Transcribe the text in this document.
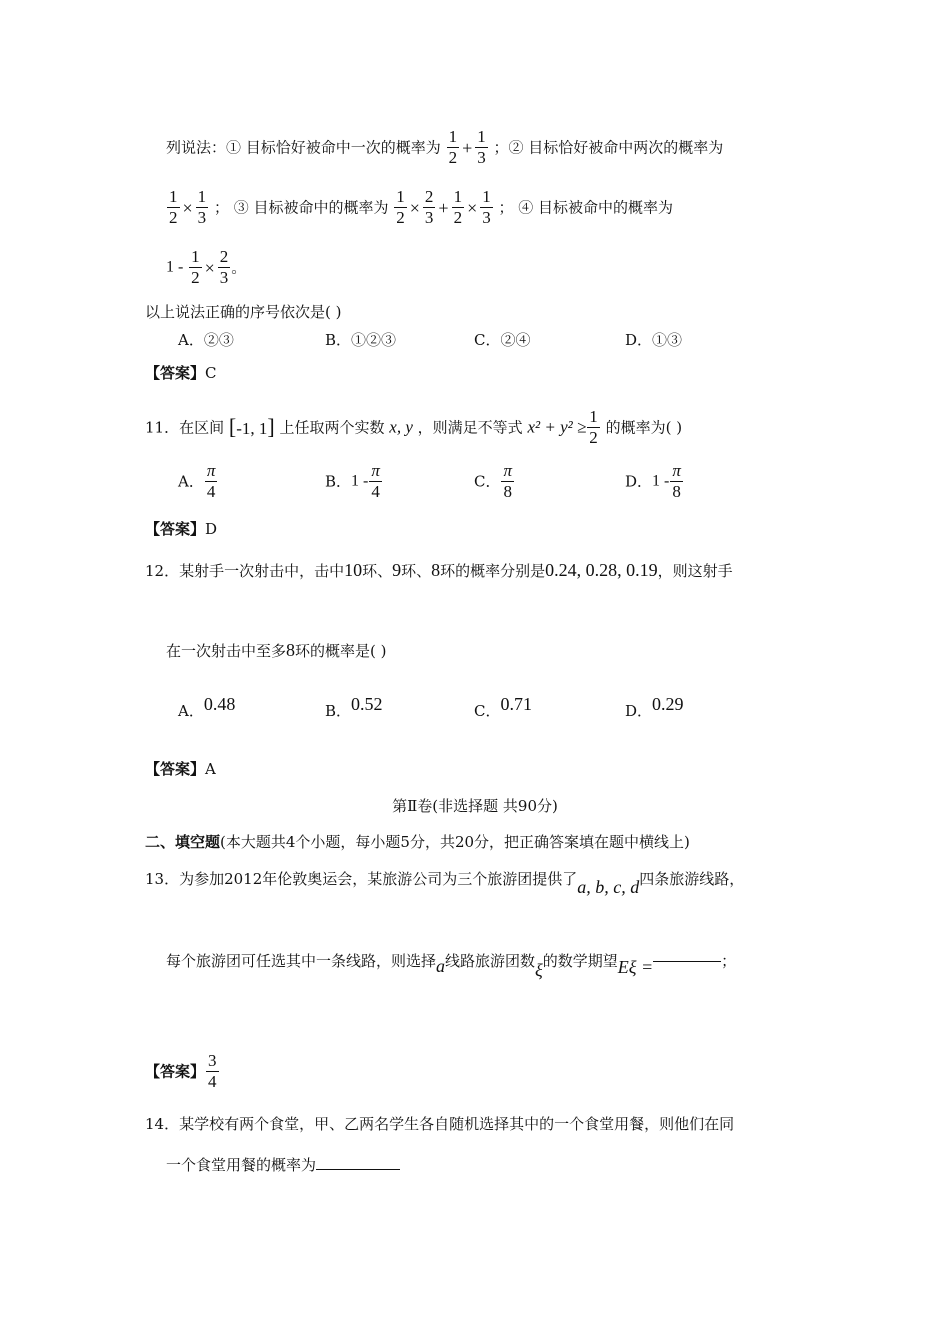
列说法：① 目标恰好被命中一次的概率为 $\frac{1}{2} + \frac{1}{3}$ ；② 目标恰好被命中两次的概率为
$\frac{1}{2} \times \frac{1}{3}$ ； ③ 目标被命中的概率为 $\frac{1}{2} \times \frac{2}{3} + \frac{1}{2} \times \frac{1}{3}$ ； ④ 目标被命中的概率为
$1 - \frac{1}{2} \times \frac{2}{3}$ 。
以上说法正确的序号依次是( )
A．②③	B．①②③	C．②④	D．①③
【答案】C
11．在区间 [-1, 1] 上任取两个实数 x, y ，则满足不等式 $x^2 + y^2 \ge \frac{1}{2}$ 的概率为( )
A． $\frac{\pi}{4}$	B．$1 - \frac{\pi}{4}$	C． $\frac{\pi}{8}$	D．$1 - \frac{\pi}{8}$
【答案】D
12．某射手一次射击中，击中10环、9环、8环的概率分别是0.24, 0.28, 0.19，则这射手
在一次射击中至多8环的概率是( )
A．0.48	B．0.52	C．0.71	D．0.29
【答案】A
第Ⅱ卷(非选择题 共90分)
二、填空题(本大题共4个小题，每小题5分，共20分，把正确答案填在题中横线上)
13．为参加2012年伦敦奥运会，某旅游公司为三个旅游团提供了a, b, c, d四条旅游线路，
每个旅游团可任选其中一条线路，则选择a线路旅游团数ξ的数学期望Eξ =	；
【答案】 $\frac{3}{4}$
14．某学校有两个食堂，甲、乙两名学生各自随机选择其中的一个食堂用餐，则他们在同
一个食堂用餐的概率为
